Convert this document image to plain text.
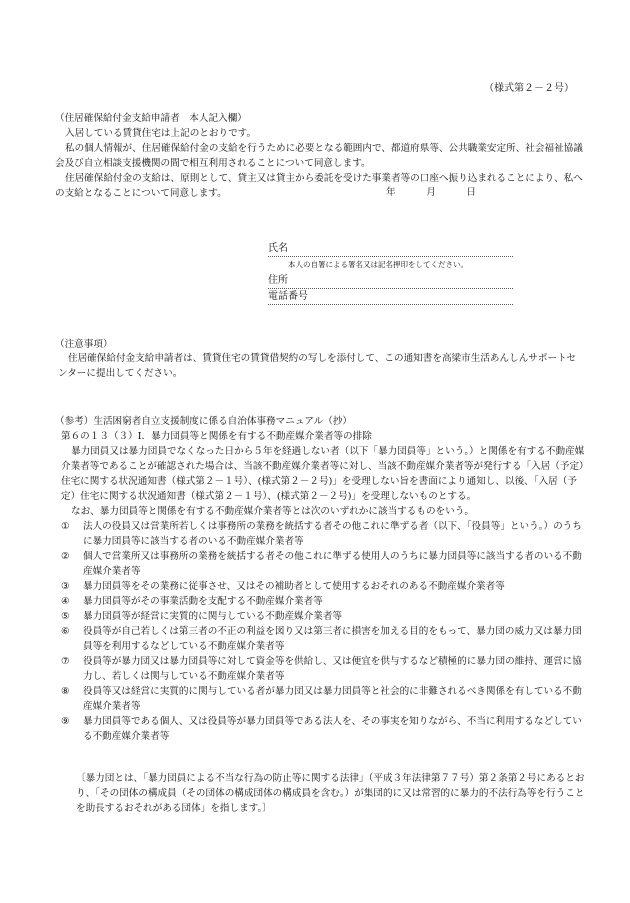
（様式第２－２号）

（住居確保給付金支給申請者　本人記入欄）

入居している賃貸住宅は上記のとおりです。

私の個人情報が、住居確保給付金の支給を行うために必要となる範囲内で、都道府県等、公共職業安定所、社会福祉協議会及び自立相談支援機関の間で相互利用されることについて同意します。

住居確保給付金の支給は、原則として、貸主又は貸主から委託を受けた事業者等の口座へ振り込まれることにより、私への支給となることについて同意します。	年	月	日
氏名
本人の自署による署名又は記名押印をしてください。
住所
電話番号
（注意事項）
住居確保給付金支給申請者は、賃貸住宅の賃貸借契約の写しを添付して、この通知書を高梁市生活あんしんサポートセンターに提出してください。

（参考）生活困窮者自立支援制度に係る自治体事務マニュアル（抄）

第６の１３（３）Ⅰ．暴力団員等と関係を有する不動産媒介業者等の排除

暴力団員又は暴力団員でなくなった日から５年を経過しない者（以下「暴力団員等」という。）と関係を有する不動産媒介業者等であることが確認された場合は、当該不動産媒介業者等に対し、当該不動産媒介業者等が発行する「入居（予定）住宅に関する状況通知書（様式第２－１号）、(様式第２－２号)」を受理しない旨を書面により通知し、以後、「入居（予定）住宅に関する状況通知書（様式第２－１号）、(様式第２－２号)」を受理しないものとする。

なお、暴力団員等と関係を有する不動産媒介業者等とは次のいずれかに該当するものをいう。

①	法人の役員又は営業所若しくは事務所の業務を統括する者その他これに準ずる者（以下、「役員等」という。）のうちに暴力団員等に該当する者のいる不動産媒介業者等
②	個人で営業所又は事務所の業務を統括する者その他これに準ずる使用人のうちに暴力団員等に該当する者のいる不動産媒介業者等
③	暴力団員等をその業務に従事させ、又はその補助者として使用するおそれのある不動産媒介業者等
④	暴力団員等がその事業活動を支配する不動産媒介業者等
⑤	暴力団員等が経営に実質的に関与している不動産媒介業者等
⑥	役員等が自己若しくは第三者の不正の利益を図り又は第三者に損害を加える目的をもって、暴力団の威力又は暴力団員等を利用するなどしている不動産媒介業者等
⑦	役員等が暴力団又は暴力団員等に対して資金等を供給し、又は便宜を供与するなど積極的に暴力団の維持、運営に協力し、若しくは関与している不動産媒介業者等
⑧	役員等又は経営に実質的に関与している者が暴力団又は暴力団員等と社会的に非難されるべき関係を有している不動産媒介業者等
⑨	暴力団員等である個人、又は役員等が暴力団員等である法人を、その事実を知りながら、不当に利用するなどしている不動産媒介業者等
〔暴力団とは、「暴力団員による不当な行為の防止等に関する法律」（平成３年法律第７７号）第２条第２号にあるとおり、「その団体の構成員（その団体の構成団体の構成員を含む。）が集団的に又は常習的に暴力的不法行為等を行うことを助長するおそれがある団体」を指します。〕
